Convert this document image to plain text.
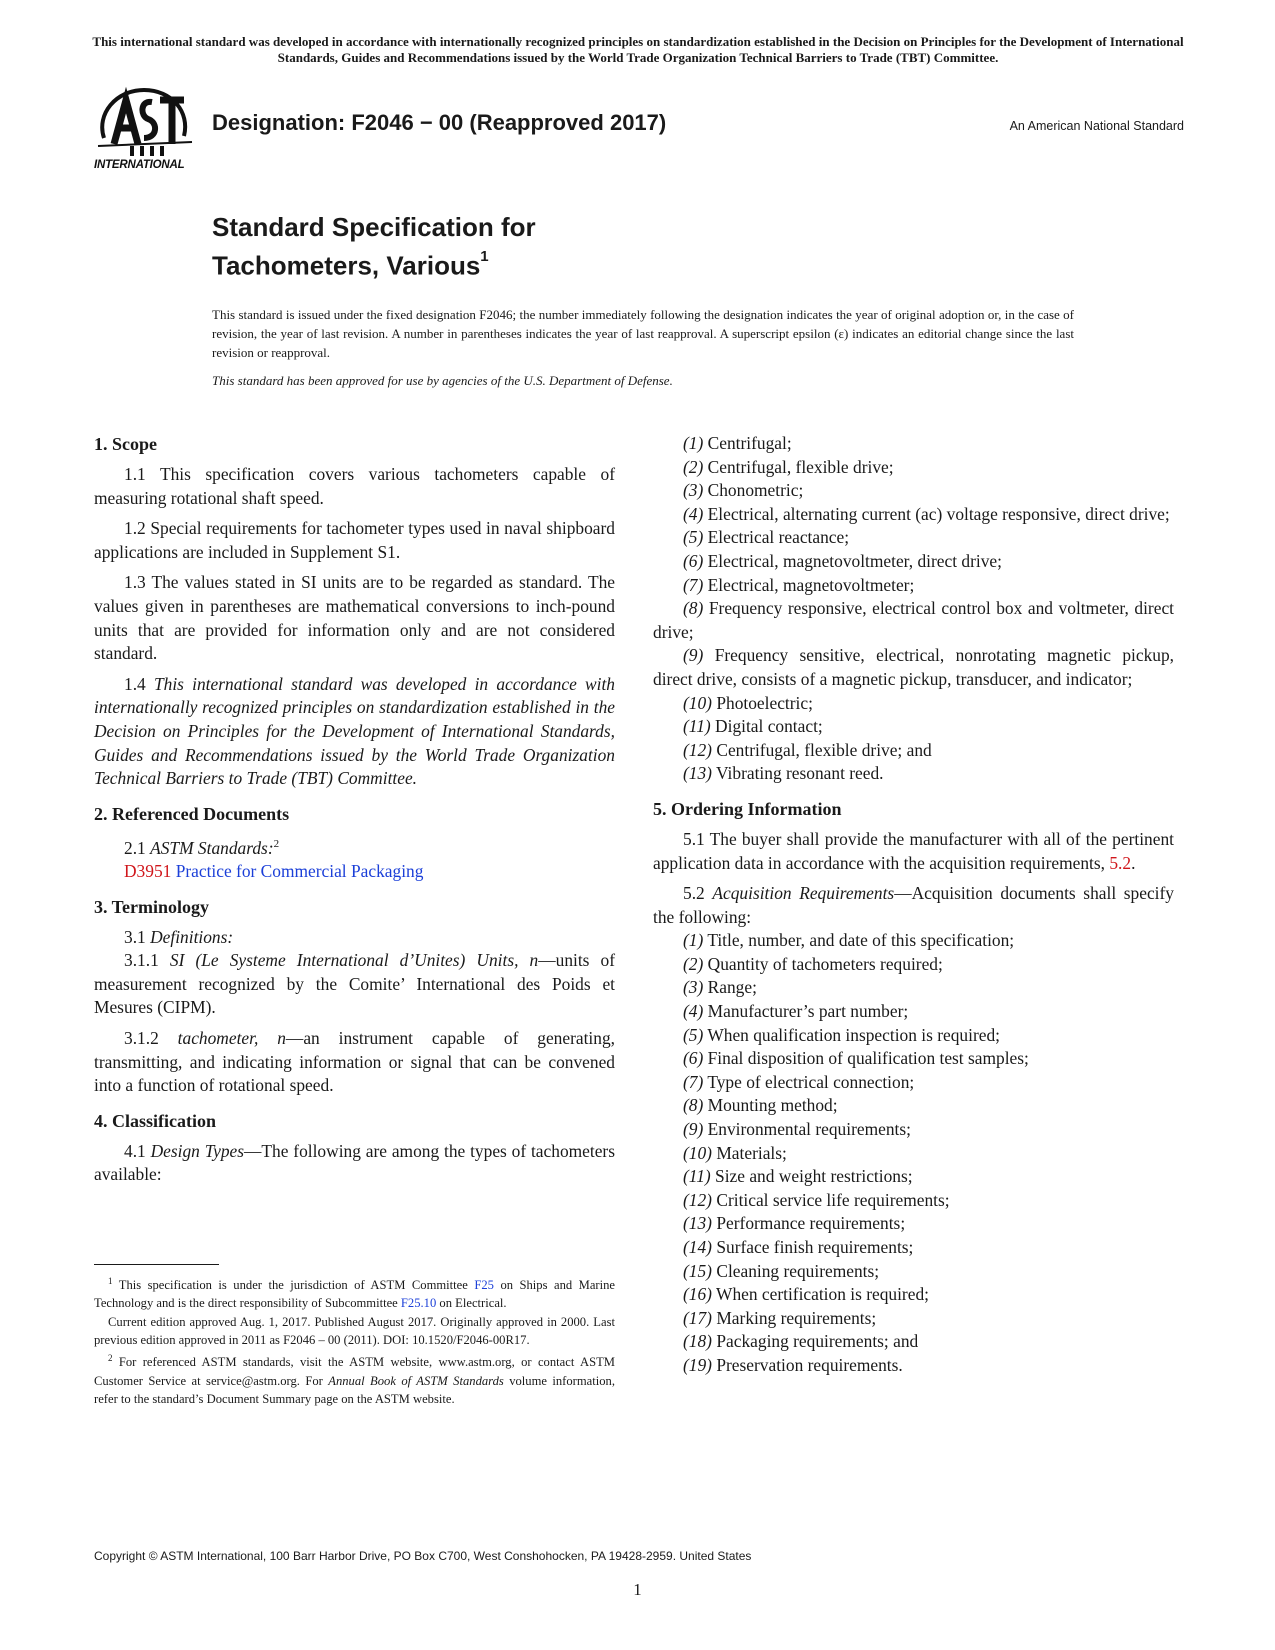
This international standard was developed in accordance with internationally recognized principles on standardization established in the Decision on Principles for the Development of International Standards, Guides and Recommendations issued by the World Trade Organization Technical Barriers to Trade (TBT) Committee.
INTERNATIONAL
Designation: F2046 − 00 (Reapproved 2017)	An American National Standard
Standard Specification for
Tachometers, Various$^1$
This standard is issued under the fixed designation F2046; the number immediately following the designation indicates the year of original adoption or, in the case of revision, the year of last revision. A number in parentheses indicates the year of last reapproval. A superscript epsilon (ε) indicates an editorial change since the last revision or reapproval.
This standard has been approved for use by agencies of the U.S. Department of Defense.
1. Scope

1.1 This specification covers various tachometers capable of measuring rotational shaft speed.

1.2 Special requirements for tachometer types used in naval shipboard applications are included in Supplement S1.

1.3 The values stated in SI units are to be regarded as standard. The values given in parentheses are mathematical conversions to inch-pound units that are provided for information only and are not considered standard.

1.4 This international standard was developed in accordance with internationally recognized principles on standardization established in the Decision on Principles for the Development of International Standards, Guides and Recommendations issued by the World Trade Organization Technical Barriers to Trade (TBT) Committee.

2. Referenced Documents

2.1 ASTM Standards:$^2$

D3951 Practice for Commercial Packaging

3. Terminology

3.1 Definitions:

3.1.1 SI (Le Systeme International d’Unites) Units, n—units of measurement recognized by the Comite’ International des Poids et Mesures (CIPM).

3.1.2 tachometer, n—an instrument capable of generating, transmitting, and indicating information or signal that can be convened into a function of rotational speed.

4. Classification

4.1 Design Types—The following are among the types of tachometers available:

(1) Centrifugal;

(2) Centrifugal, flexible drive;

(3) Chonometric;

(4) Electrical, alternating current (ac) voltage responsive, direct drive;

(5) Electrical reactance;

(6) Electrical, magnetovoltmeter, direct drive;

(7) Electrical, magnetovoltmeter;

(8) Frequency responsive, electrical control box and voltmeter, direct drive;

(9) Frequency sensitive, electrical, nonrotating magnetic pickup, direct drive, consists of a magnetic pickup, transducer, and indicator;

(10) Photoelectric;

(11) Digital contact;

(12) Centrifugal, flexible drive; and

(13) Vibrating resonant reed.

5. Ordering Information

5.1 The buyer shall provide the manufacturer with all of the pertinent application data in accordance with the acquisition requirements, 5.2.

5.2 Acquisition Requirements—Acquisition documents shall specify the following:

(1) Title, number, and date of this specification;

(2) Quantity of tachometers required;

(3) Range;

(4) Manufacturer’s part number;

(5) When qualification inspection is required;

(6) Final disposition of qualification test samples;

(7) Type of electrical connection;

(8) Mounting method;

(9) Environmental requirements;

(10) Materials;

(11) Size and weight restrictions;

(12) Critical service life requirements;

(13) Performance requirements;

(14) Surface finish requirements;

(15) Cleaning requirements;

(16) When certification is required;

(17) Marking requirements;

(18) Packaging requirements; and

(19) Preservation requirements.

$^1$ This specification is under the jurisdiction of ASTM Committee F25 on Ships and Marine Technology and is the direct responsibility of Subcommittee F25.10 on Electrical.

Current edition approved Aug. 1, 2017. Published August 2017. Originally approved in 2000. Last previous edition approved in 2011 as F2046 – 00 (2011). DOI: 10.1520/F2046-00R17.

$^2$ For referenced ASTM standards, visit the ASTM website, www.astm.org, or contact ASTM Customer Service at service@astm.org. For Annual Book of ASTM Standards volume information, refer to the standard’s Document Summary page on the ASTM website.

Copyright © ASTM International, 100 Barr Harbor Drive, PO Box C700, West Conshohocken, PA 19428-2959. United States
1
